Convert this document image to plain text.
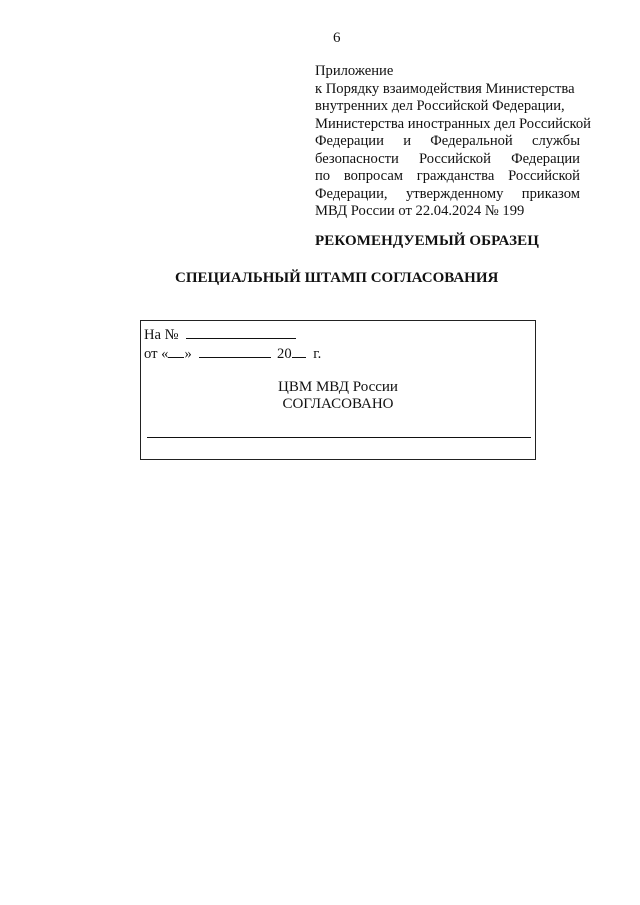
6
Приложение
к Порядку взаимодействия Министерства
внутренних дел Российской Федерации,
Министерства иностранных дел Российской
Федерации и Федеральной службы
безопасности Российской Федерации
по вопросам гражданства Российской
Федерации, утвержденному приказом
МВД России от 22.04.2024 № 199
РЕКОМЕНДУЕМЫЙ ОБРАЗЕЦ
СПЕЦИАЛЬНЫЙ ШТАМП СОГЛАСОВАНИЯ
На №
от « »	20 г.
ЦВМ МВД России
СОГЛАСОВАНО
